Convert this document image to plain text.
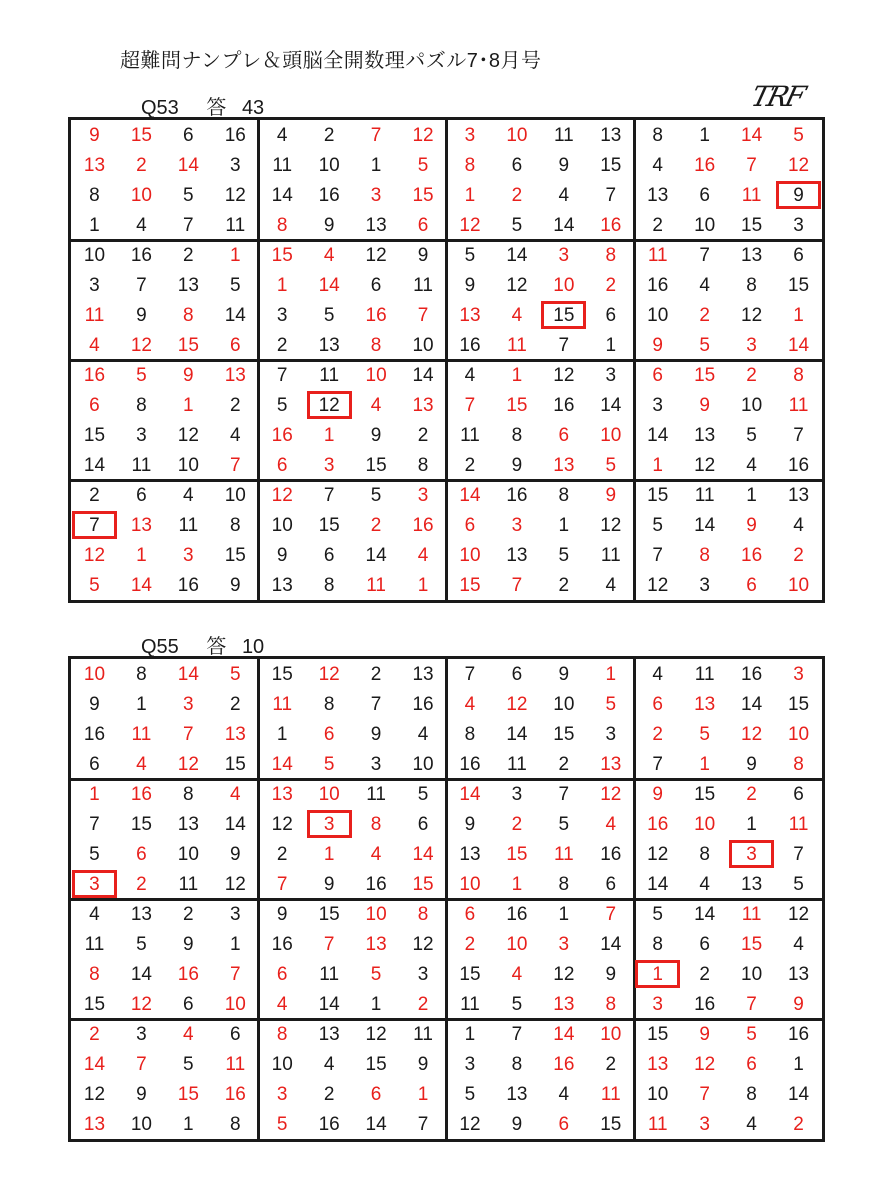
超難問ナンプレ＆頭脳全開数理パズル7･8月号
TRF
Q53 答 43
9	15	6	16	4	2	7	12	3	10	11	13	8	1	14	5
13	2	14	3	11	10	1	5	8	6	9	15	4	16	7	12
8	10	5	12	14	16	3	15	1	2	4	7	13	6	11	9
1	4	7	11	8	9	13	6	12	5	14	16	2	10	15	3
10	16	2	1	15	4	12	9	5	14	3	8	11	7	13	6
3	7	13	5	1	14	6	11	9	12	10	2	16	4	8	15
11	9	8	14	3	5	16	7	13	4	15	6	10	2	12	1
4	12	15	6	2	13	8	10	16	11	7	1	9	5	3	14
16	5	9	13	7	11	10	14	4	1	12	3	6	15	2	8
6	8	1	2	5	12	4	13	7	15	16	14	3	9	10	11
15	3	12	4	16	1	9	2	11	8	6	10	14	13	5	7
14	11	10	7	6	3	15	8	2	9	13	5	1	12	4	16
2	6	4	10	12	7	5	3	14	16	8	9	15	11	1	13
7	13	11	8	10	15	2	16	6	3	1	12	5	14	9	4
12	1	3	15	9	6	14	4	10	13	5	11	7	8	16	2
5	14	16	9	13	8	11	1	15	7	2	4	12	3	6	10
Q55 答 10
10	8	14	5	15	12	2	13	7	6	9	1	4	11	16	3
9	1	3	2	11	8	7	16	4	12	10	5	6	13	14	15
16	11	7	13	1	6	9	4	8	14	15	3	2	5	12	10
6	4	12	15	14	5	3	10	16	11	2	13	7	1	9	8
1	16	8	4	13	10	11	5	14	3	7	12	9	15	2	6
7	15	13	14	12	3	8	6	9	2	5	4	16	10	1	11
5	6	10	9	2	1	4	14	13	15	11	16	12	8	3	7
3	2	11	12	7	9	16	15	10	1	8	6	14	4	13	5
4	13	2	3	9	15	10	8	6	16	1	7	5	14	11	12
11	5	9	1	16	7	13	12	2	10	3	14	8	6	15	4
8	14	16	7	6	11	5	3	15	4	12	9	1	2	10	13
15	12	6	10	4	14	1	2	11	5	13	8	3	16	7	9
2	3	4	6	8	13	12	11	1	7	14	10	15	9	5	16
14	7	5	11	10	4	15	9	3	8	16	2	13	12	6	1
12	9	15	16	3	2	6	1	5	13	4	11	10	7	8	14
13	10	1	8	5	16	14	7	12	9	6	15	11	3	4	2
